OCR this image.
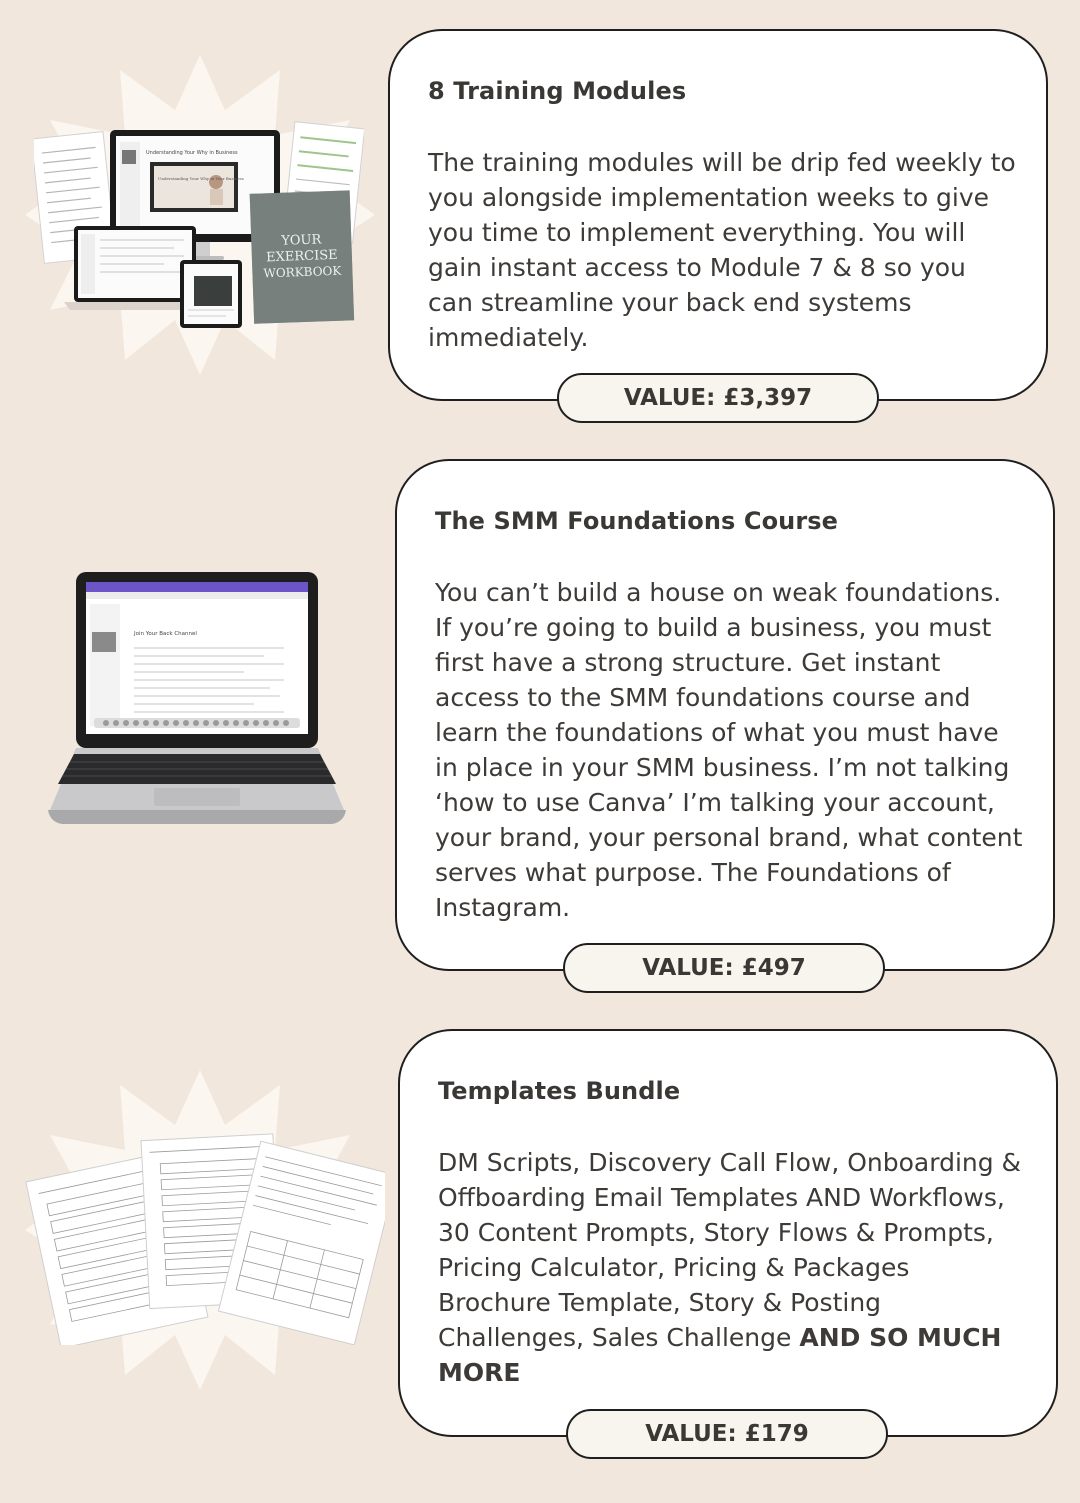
Understanding Your Why in Business
Understanding Your Why in Your Business
YOUR
EXERCISE
WORKBOOK
8 Training Modules
The training modules will be drip fed weekly to you alongside implementation weeks to give you time to implement everything. You will gain instant access to Module 7 & 8 so you can streamline your back end systems immediately.
VALUE: £3,397
Join Your Back Channel
The SMM Foundations Course
You can’t build a house on weak foundations. If you’re going to build a business, you must first have a strong structure. Get instant access to the SMM foundations course and learn the foundations of what you must have in place in your SMM business. I’m not talking ‘how to use Canva’ I’m talking your account, your brand, your personal brand, what content serves what purpose. The Foundations of Instagram.
VALUE: £497
Templates Bundle
DM Scripts, Discovery Call Flow, Onboarding & Offboarding Email Templates AND Workflows, 30 Content Prompts, Story Flows & Prompts, Pricing Calculator, Pricing & Packages Brochure Template, Story & Posting Challenges, Sales Challenge AND SO MUCH MORE
VALUE: £179
